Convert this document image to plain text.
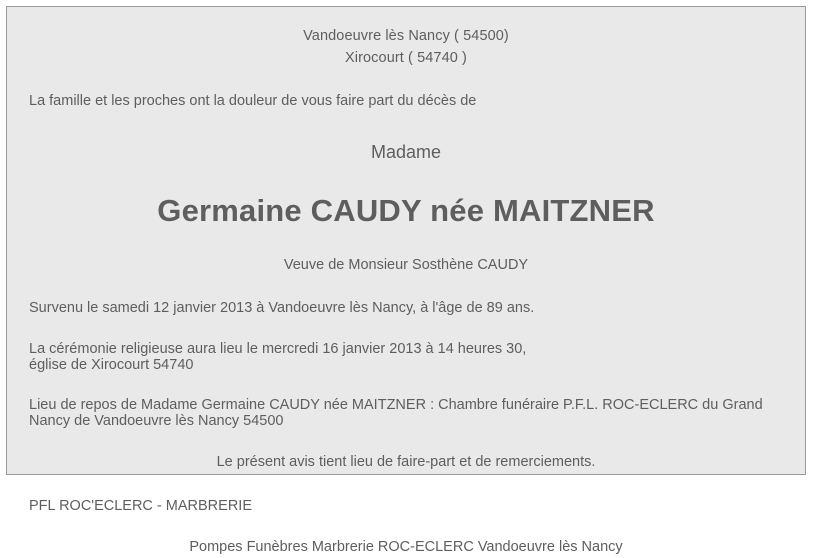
Vandoeuvre lès Nancy ( 54500)

Xirocourt ( 54740 )

La famille et les proches ont la douleur de vous faire part du décès de

Madame

Germaine CAUDY née MAITZNER

Veuve de Monsieur Sosthène CAUDY

Survenu le samedi 12 janvier 2013 à Vandoeuvre lès Nancy, à l'âge de 89 ans.

La cérémonie religieuse aura lieu le mercredi 16 janvier 2013 à 14 heures 30,
église de Xirocourt 54740
Lieu de repos de Madame Germaine CAUDY née MAITZNER : Chambre funéraire P.F.L. ROC-ECLERC du Grand
Nancy de Vandoeuvre lès Nancy 54500

Le présent avis tient lieu de faire-part et de remerciements.

PFL ROC'ECLERC - MARBRERIE

Pompes Funèbres Marbrerie ROC-ECLERC Vandoeuvre lès Nancy
